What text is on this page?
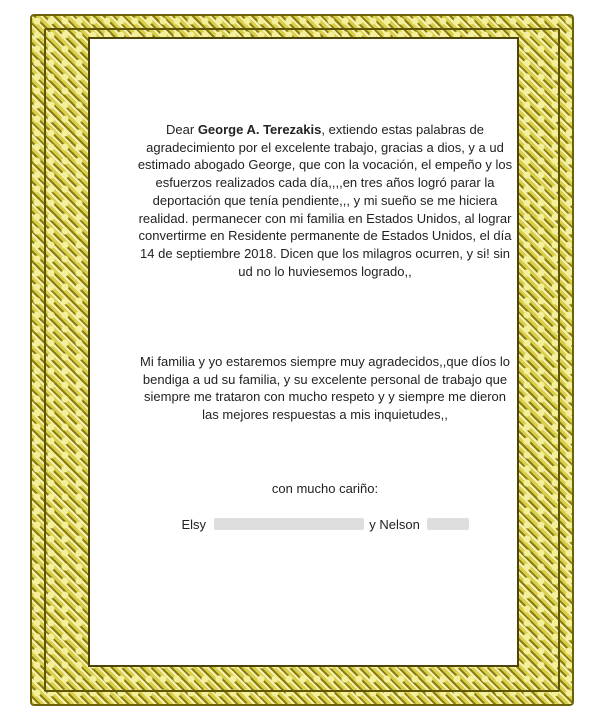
Dear George A. Terezakis, extiendo estas palabras de agradecimiento por el excelente trabajo, gracias a dios, y a ud estimado abogado George, que con la vocación, el empeño y los esfuerzos realizados cada día,,,,en tres años logró parar la deportación que tenía pendiente,,, y mi sueño se me hiciera realidad. permanecer con mi familia en Estados Unidos, al lograr convertirme en Residente permanente de Estados Unidos, el día 14 de septiembre 2018. Dicen que los milagros ocurren, y si! sin ud no lo huviesemos logrado,,
Mi familia y yo estaremos siempre muy agradecidos,,que díos lo bendiga a ud su familia, y su excelente personal de trabajo que siempre me trataron con mucho respeto y y siempre me dieron las mejores respuestas a mis inquietudes,,
con mucho cariño:
Elsy	y Nelson
